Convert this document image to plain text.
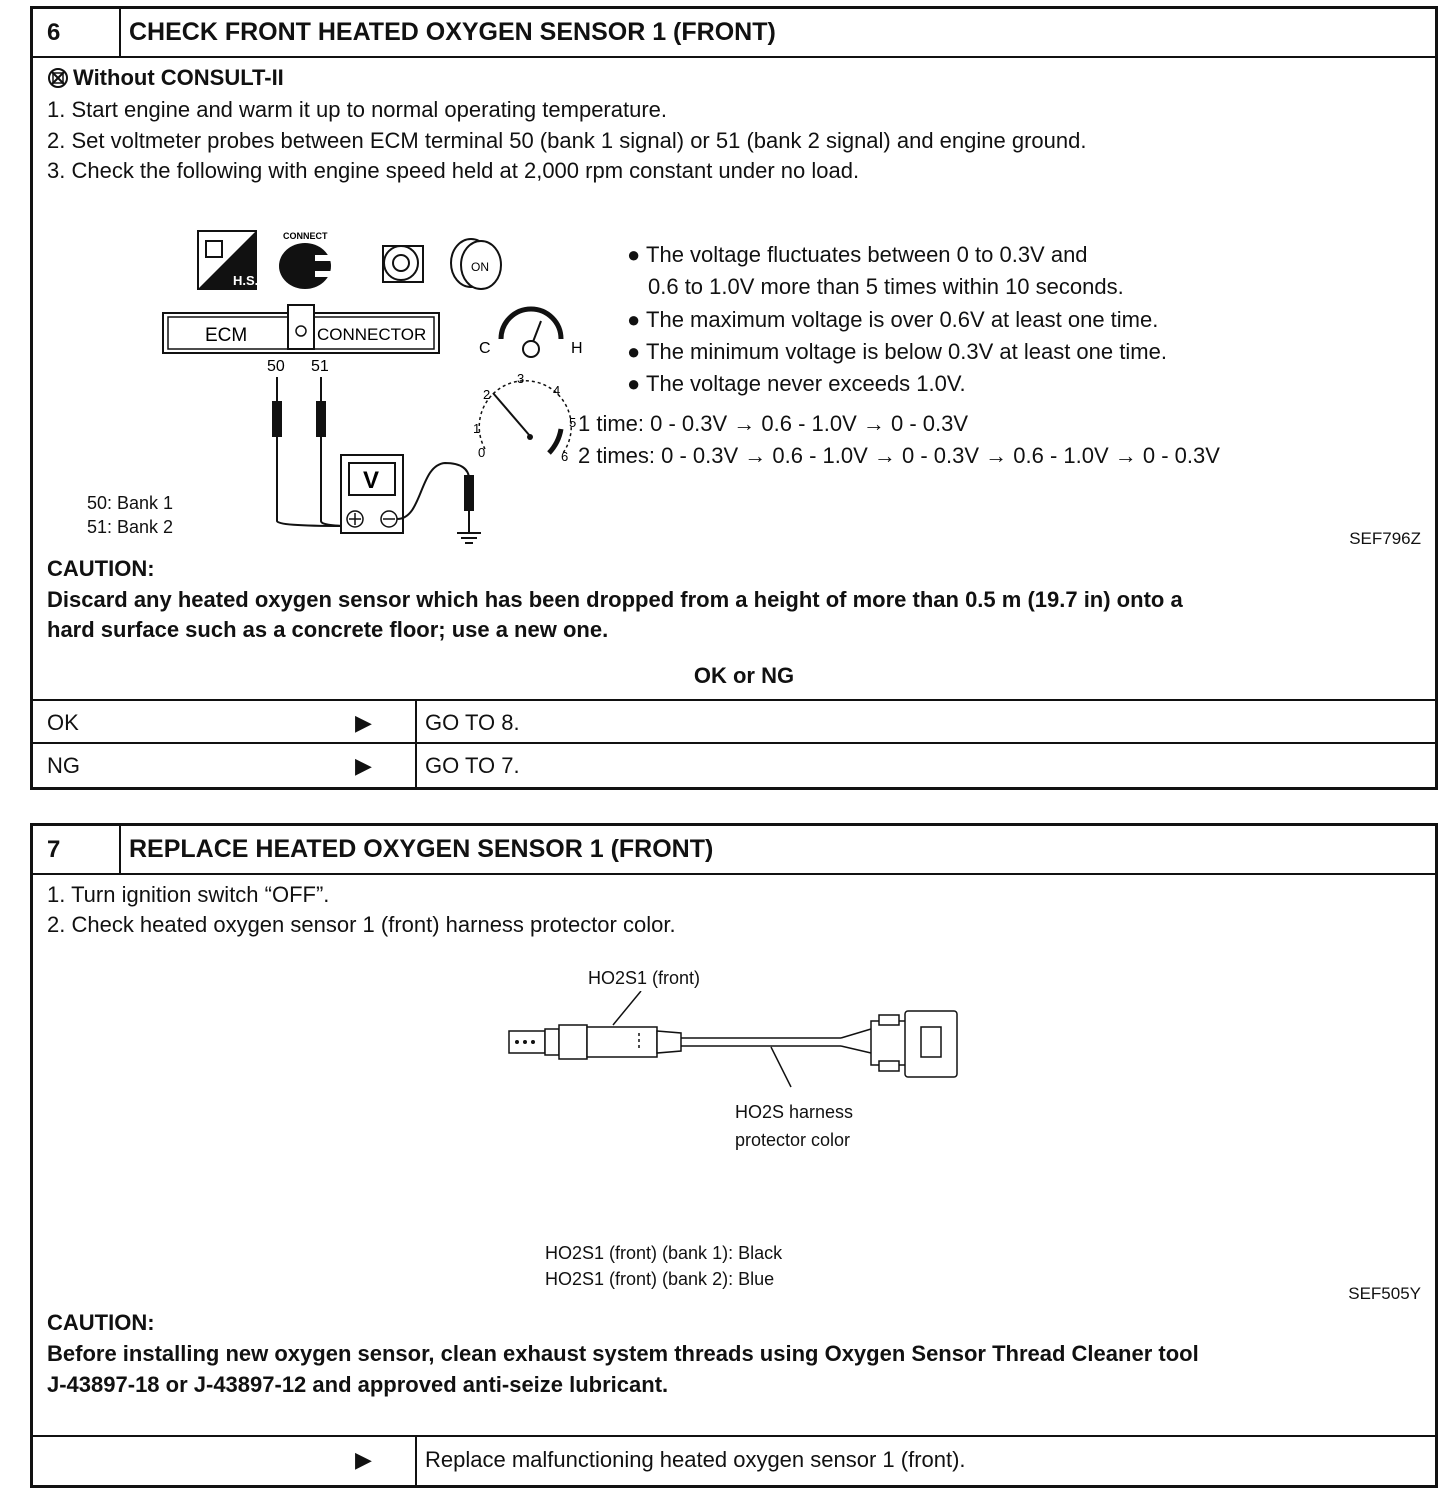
6	CHECK FRONT HEATED OXYGEN SENSOR 1 (FRONT)
Without CONSULT-II
1. Start engine and warm it up to normal operating temperature.
2. Set voltmeter probes between ECM terminal 50 (bank 1 signal) or 51 (bank 2 signal) and engine ground.
3. Check the following with engine speed held at 2,000 rpm constant under no load.
H.S.
CONNECT
ON
ECM	CONNECTOR
50 51
V
C	H
0
1
2
3
4
5
6
50: Bank 1
51: Bank 2
● The voltage fluctuates between 0 to 0.3V and
0.6 to 1.0V more than 5 times within 10 seconds.
● The maximum voltage is over 0.6V at least one time.
● The minimum voltage is below 0.3V at least one time.
● The voltage never exceeds 1.0V.
1 time: 0 - 0.3V → 0.6 - 1.0V → 0 - 0.3V
2 times: 0 - 0.3V → 0.6 - 1.0V → 0 - 0.3V → 0.6 - 1.0V → 0 - 0.3V
SEF796Z
CAUTION:
Discard any heated oxygen sensor which has been dropped from a height of more than 0.5 m (19.7 in) onto a
hard surface such as a concrete floor; use a new one.
OK or NG
OK	▶	GO TO 8.
NG	▶	GO TO 7.
7	REPLACE HEATED OXYGEN SENSOR 1 (FRONT)
1. Turn ignition switch “OFF”.
2. Check heated oxygen sensor 1 (front) harness protector color.
HO2S1 (front)
HO2S harness
protector color
HO2S1 (front) (bank 1): Black
HO2S1 (front) (bank 2): Blue
SEF505Y
CAUTION:
Before installing new oxygen sensor, clean exhaust system threads using Oxygen Sensor Thread Cleaner tool
J-43897-18 or J-43897-12 and approved anti-seize lubricant.
▶	Replace malfunctioning heated oxygen sensor 1 (front).
